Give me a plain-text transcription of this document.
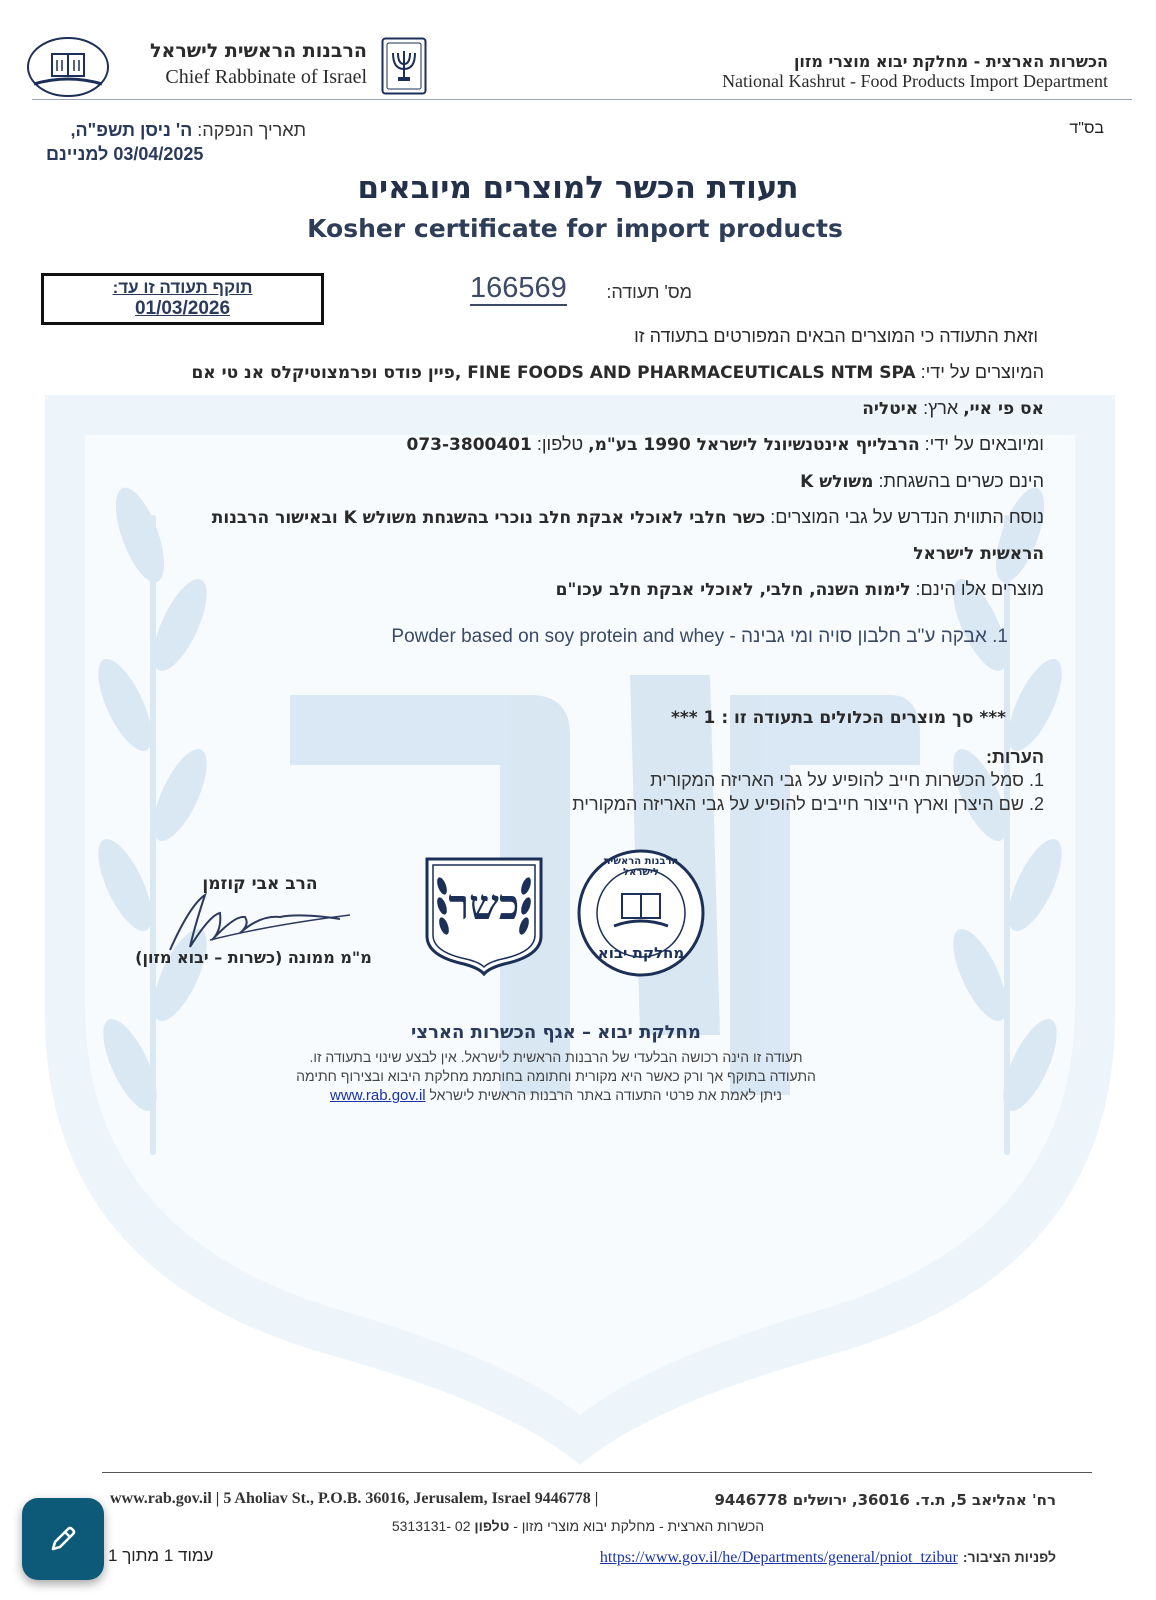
הרבנות הראשית לישראל
Chief Rabbinate of Israel
הכשרות הארצית - מחלקת יבוא מוצרי מזון
National Kashrut - Food Products Import Department
בס"ד
תאריך הנפקה: ה' ניסן תשפ"ה,
03/04/2025 למניינם
תעודת הכשר למוצרים מיובאים
Kosher certificate for import products
תוקף תעודה זו עד:
01/03/2026
166569 מס' תעודה:
וזאת התעודה כי המוצרים הבאים המפורטים בתעודה זו
המיוצרים על ידי: FINE FOODS AND PHARMACEUTICALS NTM SPA ,פיין פודס ופרמצוטיקלס אנ טי אם
אס פי איי, ארץ: איטליה
ומיובאים על ידי: הרבלייף אינטנשיונל לישראל 1990 בע"מ, טלפון: 073-3800401
הינם כשרים בהשגחת: משולש K
נוסח התווית הנדרש על גבי המוצרים: כשר חלבי לאוכלי אבקת חלב נוכרי בהשגחת משולש K ובאישור הרבנות
הראשית לישראל
מוצרים אלו הינם: לימות השנה, חלבי, לאוכלי אבקת חלב עכו"ם
1. אבקה ע"ב חלבון סויה ומי גבינה - Powder based on soy protein and whey
*** סך מוצרים הכלולים בתעודה זו : 1 ***
הערות:
1. סמל הכשרות חייב להופיע על גבי האריזה המקורית
2. שם היצרן וארץ הייצור חייבים להופיע על גבי האריזה המקורית
הרב אבי קוזמן
מ"מ ממונה (כשרות – יבוא מזון)
כשר
הרבנות הראשית לישראל
מחלקת יבוא
מחלקת יבוא – אגף הכשרות הארצי
תעודה זו הינה רכושה הבלעדי של הרבנות הראשית לישראל. אין לבצע שינוי בתעודה זו.
התעודה בתוקף אך ורק כאשר היא מקורית וחתומה בחותמת מחלקת היבוא ובצירוף חתימה
ניתן לאמת את פרטי התעודה באתר הרבנות הראשית לישראל www.rab.gov.il
www.rab.gov.il | 5 Aholiav St., P.O.B. 36016, Jerusalem, Israel 9446778 |	רח' אהליאב 5, ת.ד. 36016, ירושלים 9446778
הכשרות הארצית - מחלקת יבוא מוצרי מזון - טלפון 02 -5313131
לפניות הציבור: https://www.gov.il/he/Departments/general/pniot_tzibur
עמוד 1 מתוך 1
